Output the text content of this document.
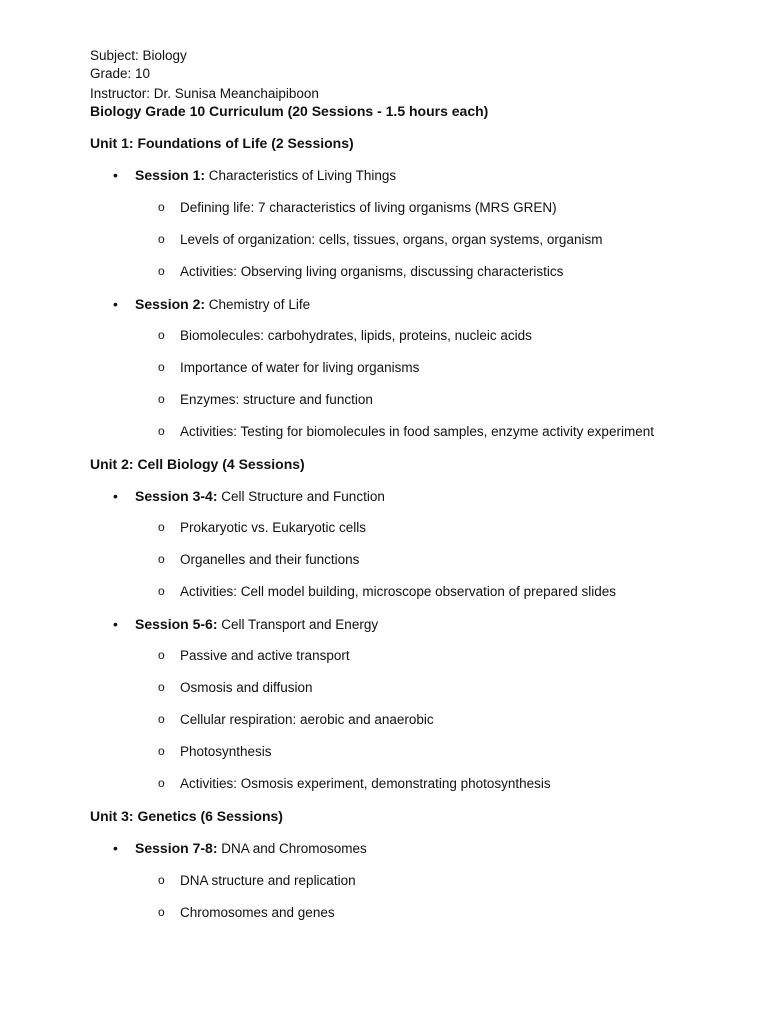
Subject: Biology
Grade: 10
Instructor: Dr. Sunisa Meanchaipiboon
Biology Grade 10 Curriculum (20 Sessions - 1.5 hours each)
Unit 1: Foundations of Life (2 Sessions)
• Session 1: Characteristics of Living Things
o Defining life: 7 characteristics of living organisms (MRS GREN)
o Levels of organization: cells, tissues, organs, organ systems, organism
o Activities: Observing living organisms, discussing characteristics
• Session 2: Chemistry of Life
o Biomolecules: carbohydrates, lipids, proteins, nucleic acids
o Importance of water for living organisms
o Enzymes: structure and function
o Activities: Testing for biomolecules in food samples, enzyme activity experiment
Unit 2: Cell Biology (4 Sessions)
• Session 3-4: Cell Structure and Function
o Prokaryotic vs. Eukaryotic cells
o Organelles and their functions
o Activities: Cell model building, microscope observation of prepared slides
• Session 5-6: Cell Transport and Energy
o Passive and active transport
o Osmosis and diffusion
o Cellular respiration: aerobic and anaerobic
o Photosynthesis
o Activities: Osmosis experiment, demonstrating photosynthesis
Unit 3: Genetics (6 Sessions)
• Session 7-8: DNA and Chromosomes
o DNA structure and replication
o Chromosomes and genes
